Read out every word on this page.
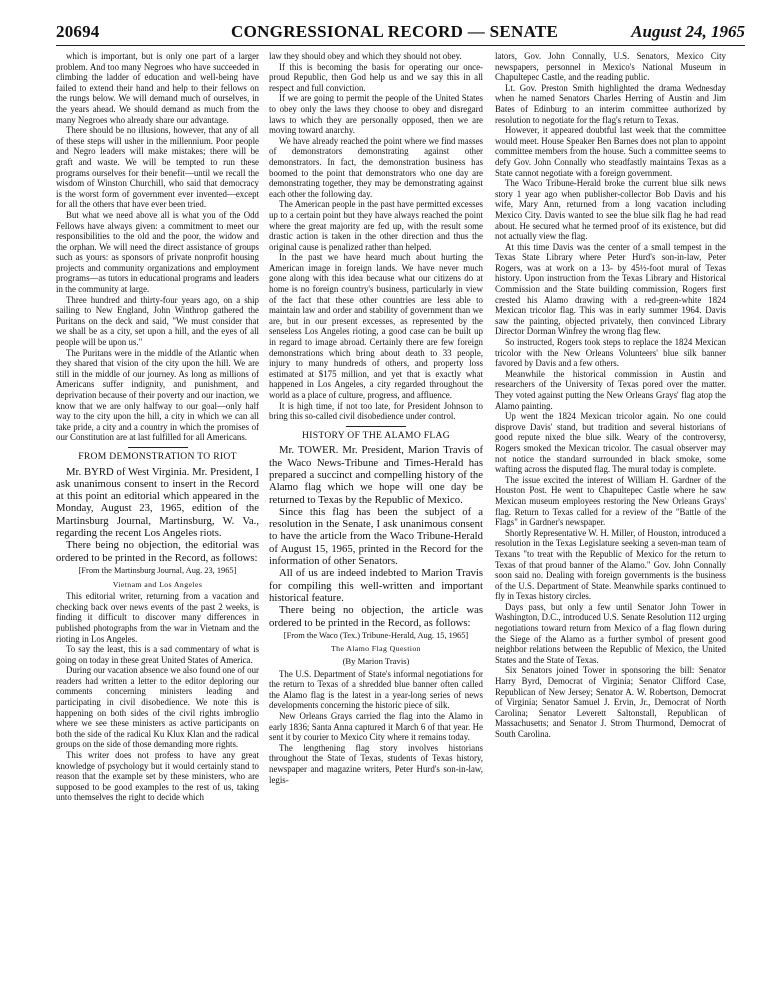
20694	CONGRESSIONAL RECORD — SENATE	August 24, 1965

which is important, but is only one part of a larger problem. And too many Negroes who have succeeded in climbing the ladder of education and well-being have failed to extend their hand and help to their fellows on the rungs below. We will demand much of ourselves, in the years ahead. We should demand as much from the many Negroes who already share our advantage.

There should be no illusions, however, that any of all of these steps will usher in the millennium. Poor people and Negro leaders will make mistakes; there will be graft and waste. We will be tempted to run these programs ourselves for their benefit—until we recall the wisdom of Winston Churchill, who said that democracy is the worst form of government ever invented—except for all the others that have ever been tried.

But what we need above all is what you of the Odd Fellows have always given: a commitment to meet our responsibilities to the old and the poor, the widow and the orphan. We will need the direct assistance of groups such as yours: as sponsors of private nonprofit housing projects and community organizations and employment programs—as tutors in educational programs and leaders in the community at large.

Three hundred and thirty-four years ago, on a ship sailing to New England, John Winthrop gathered the Puritans on the deck and said, "We must consider that we shall be as a city, set upon a hill, and the eyes of all people will be upon us."

The Puritans were in the middle of the Atlantic when they shared that vision of the city upon the hill. We are still in the middle of our journey. As long as millions of Americans suffer indignity, and punishment, and deprivation because of their poverty and our inaction, we know that we are only halfway to our goal—only half way to the city upon the hill, a city in which we can all take pride, a city and a country in which the promises of our Constitution are at last fulfilled for all Americans.

FROM DEMONSTRATION TO RIOT

Mr. BYRD of West Virginia. Mr. President, I ask unanimous consent to insert in the Record at this point an editorial which appeared in the Monday, August 23, 1965, edition of the Martinsburg Journal, Martinsburg, W. Va., regarding the recent Los Angeles riots.

There being no objection, the editorial was ordered to be printed in the Record, as follows:

[From the Martinsburg Journal, Aug. 23, 1965]

Vietnam and Los Angeles

This editorial writer, returning from a vacation and checking back over news events of the past 2 weeks, is finding it difficult to discover many differences in published photographs from the war in Vietnam and the rioting in Los Angeles.

To say the least, this is a sad commentary of what is going on today in these great United States of America.

During our vacation absence we also found one of our readers had written a letter to the editor deploring our comments concerning ministers leading and participating in civil disobedience. We note this is happening on both sides of the civil rights imbroglio where we see these ministers as active participants on both the side of the radical Ku Klux Klan and the radical groups on the side of those demanding more rights.

This writer does not profess to have any great knowledge of psychology but it would certainly stand to reason that the example set by these ministers, who are supposed to be good examples to the rest of us, taking unto themselves the right to decide which

law they should obey and which they should not obey.

If this is becoming the basis for operating our once-proud Republic, then God help us and we say this in all respect and full conviction.

If we are going to permit the people of the United States to obey only the laws they choose to obey and disregard laws to which they are personally opposed, then we are moving toward anarchy.

We have already reached the point where we find masses of demonstrators demonstrating against other demonstrators. In fact, the demonstration business has boomed to the point that demonstrators who one day are demonstrating together, they may be demonstrating against each other the following day.

The American people in the past have permitted excesses up to a certain point but they have always reached the point where the great majority are fed up, with the result some drastic action is taken in the other direction and thus the original cause is penalized rather than helped.

In the past we have heard much about hurting the American image in foreign lands. We have never much gone along with this idea because what our citizens do at home is no foreign country's business, particularly in view of the fact that these other countries are less able to maintain law and order and stability of government than we are, but in our present excesses, as represented by the senseless Los Angeles rioting, a good case can be built up in regard to image abroad. Certainly there are few foreign demonstrations which bring about death to 33 people, injury to many hundreds of others, and property loss estimated at $175 million, and yet that is exactly what happened in Los Angeles, a city regarded throughout the world as a place of culture, progress, and affluence.

It is high time, if not too late, for President Johnson to bring this so-called civil disobedience under control.

HISTORY OF THE ALAMO FLAG

Mr. TOWER. Mr. President, Marion Travis of the Waco News-Tribune and Times-Herald has prepared a succinct and compelling history of the Alamo flag which we hope will one day be returned to Texas by the Republic of Mexico.

Since this flag has been the subject of a resolution in the Senate, I ask unanimous consent to have the article from the Waco Tribune-Herald of August 15, 1965, printed in the Record for the information of other Senators.

All of us are indeed indebted to Marion Travis for compiling this well-written and important historical feature.

There being no objection, the article was ordered to be printed in the Record, as follows:

[From the Waco (Tex.) Tribune-Herald, Aug. 15, 1965]

The Alamo Flag Question
(By Marion Travis)

The U.S. Department of State's informal negotiations for the return to Texas of a shredded blue banner often called the Alamo flag is the latest in a year-long series of news developments concerning the historic piece of silk.

New Orleans Grays carried the flag into the Alamo in early 1836; Santa Anna captured it March 6 of that year. He sent it by courier to Mexico City where it remains today.

The lengthening flag story involves historians throughout the State of Texas, students of Texas history, newspaper and magazine writers, Peter Hurd's son-in-law, legis-

lators, Gov. John Connally, U.S. Senators, Mexico City newspapers, personnel in Mexico's National Museum in Chapultepec Castle, and the reading public.

Lt. Gov. Preston Smith highlighted the drama Wednesday when he named Senators Charles Herring of Austin and Jim Bates of Edinburg to an interim committee authorized by resolution to negotiate for the flag's return to Texas.

However, it appeared doubtful last week that the committee would meet. House Speaker Ben Barnes does not plan to appoint committee members from the house. Such a committee seems to defy Gov. John Connally who steadfastly maintains Texas as a State cannot negotiate with a foreign government.

The Waco Tribune-Herald broke the current blue silk news story 1 year ago when publisher-collector Bob Davis and his wife, Mary Ann, returned from a long vacation including Mexico City. Davis wanted to see the blue silk flag he had read about. He secured what he termed proof of its existence, but did not actually view the flag.

At this time Davis was the center of a small tempest in the Texas State Library where Peter Hurd's son-in-law, Peter Rogers, was at work on a 13- by 45½-foot mural of Texas history. Upon instruction from the Texas Library and Historical Commission and the State building commission, Rogers first crested his Alamo drawing with a red-green-white 1824 Mexican tricolor flag. This was in early summer 1964. Davis saw the painting, objected privately, then convinced Library Director Dorman Winfrey the wrong flag flew.

So instructed, Rogers took steps to replace the 1824 Mexican tricolor with the New Orleans Volunteers' blue silk banner favored by Davis and a few others.

Meanwhile the historical commission in Austin and researchers of the University of Texas pored over the matter. They voted against putting the New Orleans Grays' flag atop the Alamo painting.

Up went the 1824 Mexican tricolor again. No one could disprove Davis' stand, but tradition and several historians of good repute nixed the blue silk. Weary of the controversy, Rogers smoked the Mexican tricolor. The casual observer may not notice the standard surrounded in black smoke, some wafting across the disputed flag. The mural today is complete.

The issue excited the interest of William H. Gardner of the Houston Post. He went to Chapultepec Castle where he saw Mexican museum employees restoring the New Orleans Grays' flag. Return to Texas called for a review of the "Battle of the Flags" in Gardner's newspaper.

Shortly Representative W. H. Miller, of Houston, introduced a resolution in the Texas Legislature seeking a seven-man team of Texans "to treat with the Republic of Mexico for the return to Texas of that proud banner of the Alamo." Gov. John Connally soon said no. Dealing with foreign governments is the business of the U.S. Department of State. Meanwhile sparks continued to fly in Texas history circles.

Days pass, but only a few until Senator John Tower in Washington, D.C., introduced U.S. Senate Resolution 112 urging negotiations toward return from Mexico of a flag flown during the Siege of the Alamo as a further symbol of present good neighbor relations between the Republic of Mexico, the United States and the State of Texas.

Six Senators joined Tower in sponsoring the bill: Senator Harry Byrd, Democrat of Virginia; Senator Clifford Case, Republican of New Jersey; Senator A. W. Robertson, Democrat of Virginia; Senator Samuel J. Ervin, Jr., Democrat of North Carolina; Senator Leverett Saltonstall, Republican of Massachusetts; and Senator J. Strom Thurmond, Democrat of South Carolina.
